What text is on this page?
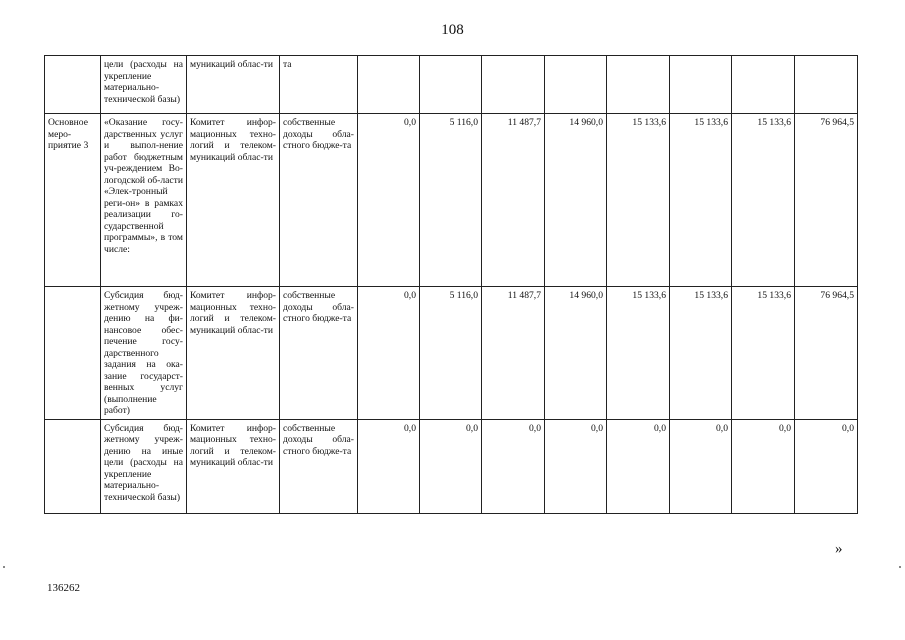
108
	цели (расходы на укрепление материально-технической базы)	муникаций облас-ти	та								
Основное меро-приятие 3	«Оказание госу-дарственных услуг и выпол-нение работ бюджетным уч-реждением Во-логодской об-ласти «Элек-тронный реги-он» в рамках реализации го-сударственной программы», в том числе:	Комитет инфор-мационных техно-логий и телеком-муникаций облас-ти	собственные доходы обла-стного бюдже-та	0,0	5 116,0	11 487,7	14 960,0	15 133,6	15 133,6	15 133,6	76 964,5
	Субсидия бюд-жетному учреж-дению на фи-нансовое обес-печение госу-дарственного задания на ока-зание государст-венных услуг (выполнение работ)	Комитет инфор-мационных техно-логий и телеком-муникаций облас-ти	собственные доходы обла-стного бюдже-та	0,0	5 116,0	11 487,7	14 960,0	15 133,6	15 133,6	15 133,6	76 964,5
	Субсидия бюд-жетному учреж-дению на иные цели (расходы на укрепление материально-технической базы)	Комитет инфор-мационных техно-логий и телеком-муникаций облас-ти	собственные доходы обла-стного бюдже-та	0,0	0,0	0,0	0,0	0,0	0,0	0,0	0,0
»
136262
